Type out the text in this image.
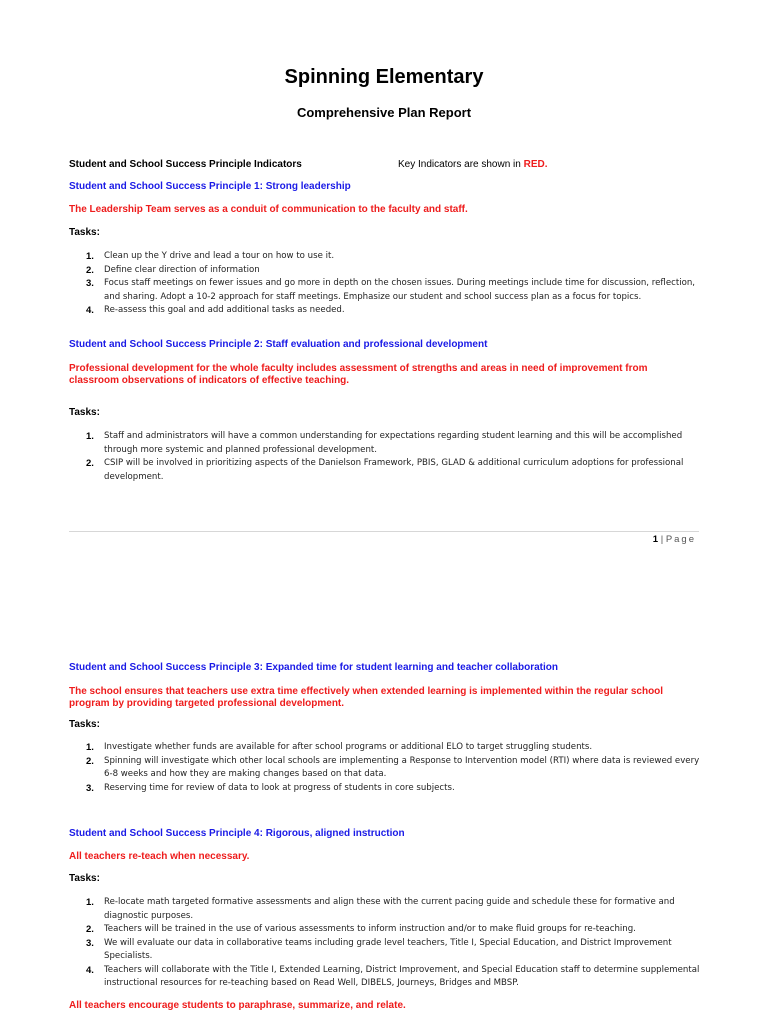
Spinning Elementary
Comprehensive Plan Report
Student and School Success Principle Indicators	Key Indicators are shown in RED.
Student and School Success Principle 1: Strong leadership
The Leadership Team serves as a conduit of communication to the faculty and staff.
Tasks:
1. Clean up the Y drive and lead a tour on how to use it.
2. Define clear direction of information
3. Focus staff meetings on fewer issues and go more in depth on the chosen issues. During meetings include time for discussion, reflection, and sharing. Adopt a 10-2 approach for staff meetings. Emphasize our student and school success plan as a focus for topics.
4. Re-assess this goal and add additional tasks as needed.
Student and School Success Principle 2: Staff evaluation and professional development
Professional development for the whole faculty includes assessment of strengths and areas in need of improvement from classroom observations of indicators of effective teaching.
Tasks:
1. Staff and administrators will have a common understanding for expectations regarding student learning and this will be accomplished through more systemic and planned professional development.
2. CSIP will be involved in prioritizing aspects of the Danielson Framework, PBIS, GLAD & additional curriculum adoptions for professional development.
1 | Page
Student and School Success Principle 3: Expanded time for student learning and teacher collaboration
The school ensures that teachers use extra time effectively when extended learning is implemented within the regular school program by providing targeted professional development.
Tasks:
1. Investigate whether funds are available for after school programs or additional ELO to target struggling students.
2. Spinning will investigate which other local schools are implementing a Response to Intervention model (RTI) where data is reviewed every 6-8 weeks and how they are making changes based on that data.
3. Reserving time for review of data to look at progress of students in core subjects.
Student and School Success Principle 4: Rigorous, aligned instruction
All teachers re-teach when necessary.
Tasks:
1. Re-locate math targeted formative assessments and align these with the current pacing guide and schedule these for formative and diagnostic purposes.
2. Teachers will be trained in the use of various assessments to inform instruction and/or to make fluid groups for re-teaching.
3. We will evaluate our data in collaborative teams including grade level teachers, Title I, Special Education, and District Improvement Specialists.
4. Teachers will collaborate with the Title I, Extended Learning, District Improvement, and Special Education staff to determine supplemental instructional resources for re-teaching based on Read Well, DIBELS, Journeys, Bridges and MBSP.
All teachers encourage students to paraphrase, summarize, and relate.
